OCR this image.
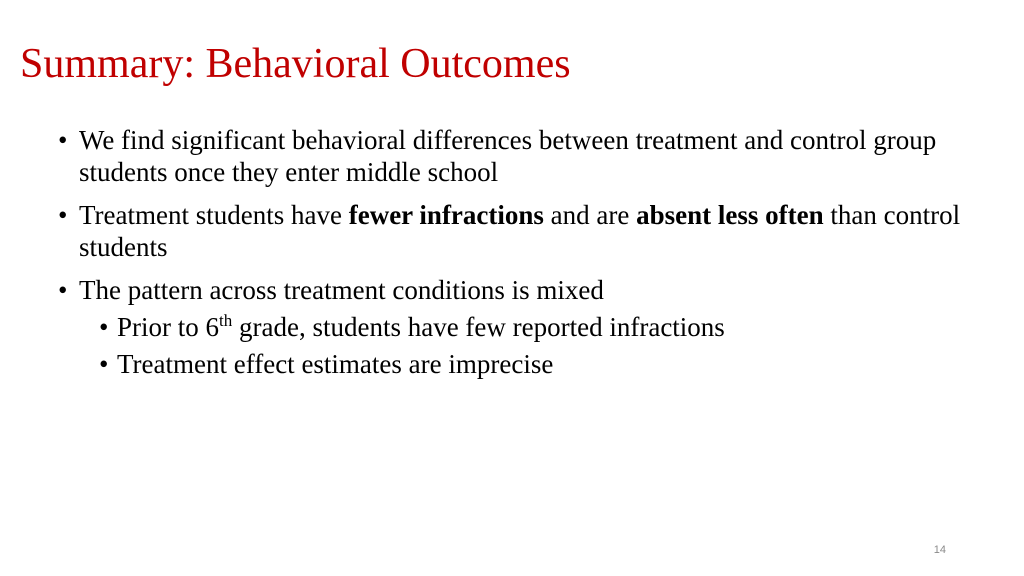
Summary: Behavioral Outcomes
• We find significant behavioral differences between treatment and control group students once they enter middle school
• Treatment students have fewer infractions and are absent less often than control students
• The pattern across treatment conditions is mixed
• Prior to 6th grade, students have few reported infractions
• Treatment effect estimates are imprecise
14
